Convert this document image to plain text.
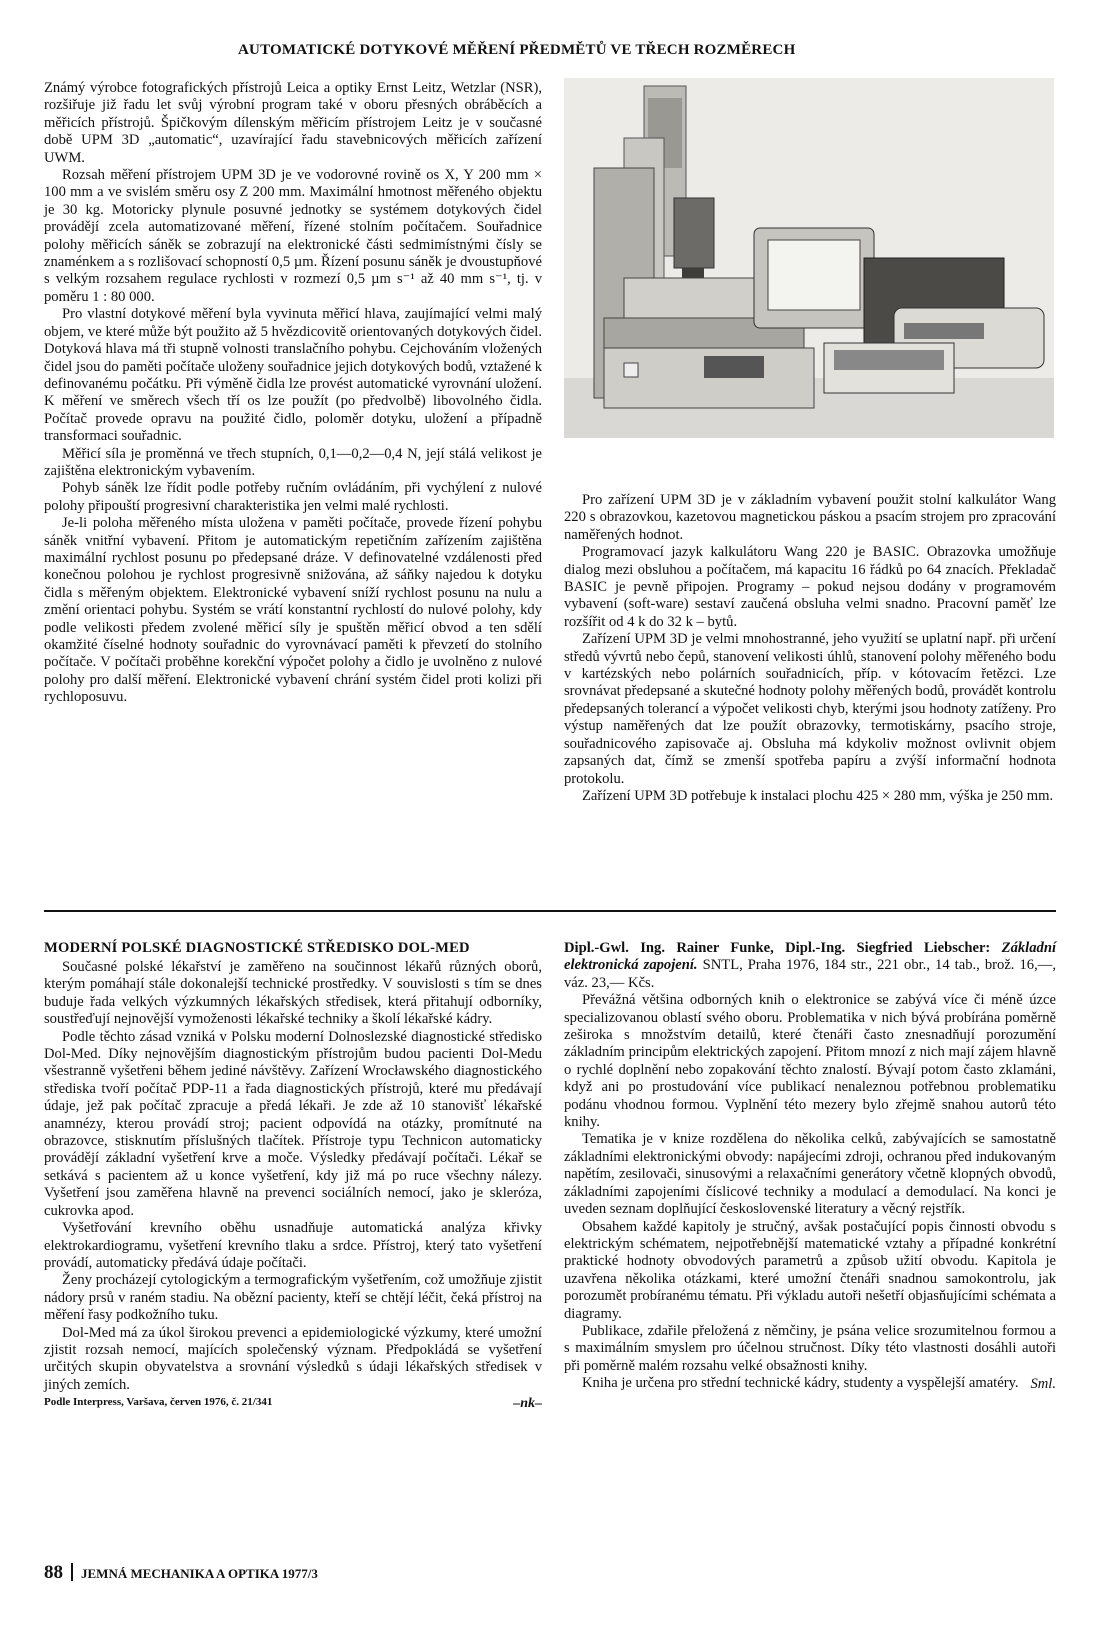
AUTOMATICKÉ DOTYKOVÉ MĚŘENÍ PŘEDMĚTŮ VE TŘECH ROZMĚRECH

Známý výrobce fotografických přístrojů Leica a optiky Ernst Leitz, Wetzlar (NSR), rozšiřuje již řadu let svůj výrobní program také v oboru přesných obráběcích a měřicích přístrojů. Špičkovým dílenským měřicím přístrojem Leitz je v současné době UPM 3D „automatic“, uzavírající řadu stavebnicových měřicích zařízení UWM.

Rozsah měření přístrojem UPM 3D je ve vodorovné rovině os X, Y 200 mm × 100 mm a ve svislém směru osy Z 200 mm. Maximální hmotnost měřeného objektu je 30 kg. Motoricky plynule posuvné jednotky se systémem dotykových čidel provádějí zcela automatizované měření, řízené stolním počítačem. Souřadnice polohy měřicích sáněk se zobrazují na elektronické části sedmimístnými čísly se znaménkem a s rozlišovací schopností 0,5 µm. Řízení posunu sáněk je dvoustupňové s velkým rozsahem regulace rychlosti v rozmezí 0,5 µm s⁻¹ až 40 mm s⁻¹, tj. v poměru 1 : 80 000.

Pro vlastní dotykové měření byla vyvinuta měřicí hlava, zaujímající velmi malý objem, ve které může být použito až 5 hvězdicovitě orientovaných dotykových čidel. Dotyková hlava má tři stupně volnosti translačního pohybu. Cejchováním vložených čidel jsou do paměti počítače uloženy souřadnice jejich dotykových bodů, vztažené k definovanému počátku. Při výměně čidla lze provést automatické vyrovnání uložení. K měření ve směrech všech tří os lze použít (po předvolbě) libovolného čidla. Počítač provede opravu na použité čidlo, poloměr dotyku, uložení a případně transformaci souřadnic.

Měřicí síla je proměnná ve třech stupních, 0,1—0,2—0,4 N, její stálá velikost je zajištěna elektronickým vybavením.

Pohyb sáněk lze řídit podle potřeby ručním ovládáním, při vychýlení z nulové polohy připouští progresivní charakteristika jen velmi malé rychlosti.

Je-li poloha měřeného místa uložena v paměti počítače, provede řízení pohybu sáněk vnitřní vybavení. Přitom je automatickým repetičním zařízením zajištěna maximální rychlost posunu po předepsané dráze. V definovatelné vzdálenosti před konečnou polohou je rychlost progresivně snižována, až sáňky najedou k dotyku čidla s měřeným objektem. Elektronické vybavení sníží rychlost posunu na nulu a změní orientaci pohybu. Systém se vrátí konstantní rychlostí do nulové polohy, kdy podle velikosti předem zvolené měřicí síly je spuštěn měřicí obvod a ten sdělí okamžité číselné hodnoty souřadnic do vyrovnávací paměti k převzetí do stolního počítače. V počítači proběhne korekční výpočet polohy a čidlo je uvolněno z nulové polohy pro další měření. Elektronické vybavení chrání systém čidel proti kolizi při rychloposuvu.

Pro zařízení UPM 3D je v základním vybavení použit stolní kalkulátor Wang 220 s obrazovkou, kazetovou magnetickou páskou a psacím strojem pro zpracování naměřených hodnot.

Programovací jazyk kalkulátoru Wang 220 je BASIC. Obrazovka umožňuje dialog mezi obsluhou a počítačem, má kapacitu 16 řádků po 64 znacích. Překladač BASIC je pevně připojen. Programy – pokud nejsou dodány v programovém vybavení (soft-ware) sestaví zaučená obsluha velmi snadno. Pracovní paměť lze rozšířit od 4 k do 32 k – bytů.

Zařízení UPM 3D je velmi mnohostranné, jeho využití se uplatní např. při určení středů vývrtů nebo čepů, stanovení velikosti úhlů, stanovení polohy měřeného bodu v kartézských nebo polárních souřadnicích, příp. v kótovacím řetězci. Lze srovnávat předepsané a skutečné hodnoty polohy měřených bodů, provádět kontrolu předepsaných tolerancí a výpočet velikosti chyb, kterými jsou hodnoty zatíženy. Pro výstup naměřených dat lze použít obrazovky, termotiskárny, psacího stroje, souřadnicového zapisovače aj. Obsluha má kdykoliv možnost ovlivnit objem zapsaných dat, čímž se zmenší spotřeba papíru a zvýší informační hodnota protokolu.

Zařízení UPM 3D potřebuje k instalaci plochu 425 × 280 mm, výška je 250 mm.

MODERNÍ POLSKÉ DIAGNOSTICKÉ STŘEDISKO DOL-MED

Současné polské lékařství je zaměřeno na součinnost lékařů různých oborů, kterým pomáhají stále dokonalejší technické prostředky. V souvislosti s tím se dnes buduje řada velkých výzkumných lékařských středisek, která přitahují odborníky, soustřeďují nejnovější vymoženosti lékařské techniky a školí lékařské kádry.

Podle těchto zásad vzniká v Polsku moderní Dolnoslezské diagnostické středisko Dol-Med. Díky nejnovějším diagnostickým přístrojům budou pacienti Dol-Medu všestranně vyšetřeni během jediné návštěvy. Zařízení Wrocławského diagnostického střediska tvoří počítač PDP-11 a řada diagnostických přístrojů, které mu předávají údaje, jež pak počítač zpracuje a předá lékaři. Je zde až 10 stanovišť lékařské anamnézy, kterou provádí stroj; pacient odpovídá na otázky, promítnuté na obrazovce, stisknutím příslušných tlačítek. Přístroje typu Technicon automaticky provádějí základní vyšetření krve a moče. Výsledky předávají počítači. Lékař se setkává s pacientem až u konce vyšetření, kdy již má po ruce všechny nálezy. Vyšetření jsou zaměřena hlavně na prevenci sociálních nemocí, jako je skleróza, cukrovka apod.

Vyšetřování krevního oběhu usnadňuje automatická analýza křivky elektrokardiogramu, vyšetření krevního tlaku a srdce. Přístroj, který tato vyšetření provádí, automaticky předává údaje počítači.

Ženy procházejí cytologickým a termografickým vyšetřením, což umožňuje zjistit nádory prsů v raném stadiu. Na obězní pacienty, kteří se chtějí léčit, čeká přístroj na měření řasy podkožního tuku.

Dol-Med má za úkol širokou prevenci a epidemiologické výzkumy, které umožní zjistit rozsah nemocí, majících společenský význam. Předpokládá se vyšetření určitých skupin obyvatelstva a srovnání výsledků s údaji lékařských středisek v jiných zemích.

Podle Interpress, Varšava, červen 1976, č. 21/341	–nk–

Dipl.-Gwl. Ing. Rainer Funke, Dipl.-Ing. Siegfried Liebscher: Základní elektronická zapojení. SNTL, Praha 1976, 184 str., 221 obr., 14 tab., brož. 16,—, váz. 23,— Kčs.

Převážná většina odborných knih o elektronice se zabývá více či méně úzce specializovanou oblastí svého oboru. Problematika v nich bývá probírána poměrně zeširoka s množstvím detailů, které čtenáři často znesnadňují porozumění základním principům elektrických zapojení. Přitom mnozí z nich mají zájem hlavně o rychlé doplnění nebo zopakování těchto znalostí. Bývají potom často zklamáni, když ani po prostudování více publikací nenaleznou potřebnou problematiku podánu vhodnou formou. Vyplnění této mezery bylo zřejmě snahou autorů této knihy.

Tematika je v knize rozdělena do několika celků, zabývajících se samostatně základními elektronickými obvody: napájecími zdroji, ochranou před indukovaným napětím, zesilovači, sinusovými a relaxačními generátory včetně klopných obvodů, základními zapojeními číslicové techniky a modulací a demodulací. Na konci je uveden seznam doplňující československé literatury a věcný rejstřík.

Obsahem každé kapitoly je stručný, avšak postačující popis činnosti obvodu s elektrickým schématem, nejpotřebnější matematické vztahy a případné konkrétní praktické hodnoty obvodových parametrů a způsob užití obvodu. Kapitola je uzavřena několika otázkami, které umožní čtenáři snadnou samokontrolu, jak porozumět probíranému tématu. Při výkladu autoři nešetří objasňujícími schémata a diagramy.

Publikace, zdařile přeložená z němčiny, je psána velice srozumitelnou formou a s maximálním smyslem pro účelnou stručnost. Díky této vlastnosti dosáhli autoři při poměrně malém rozsahu velké obsažnosti knihy.

Kniha je určena pro střední technické kádry, studenty a vyspělejší amatéry. Sml.
88 JEMNÁ MECHANIKA A OPTIKA 1977/3
